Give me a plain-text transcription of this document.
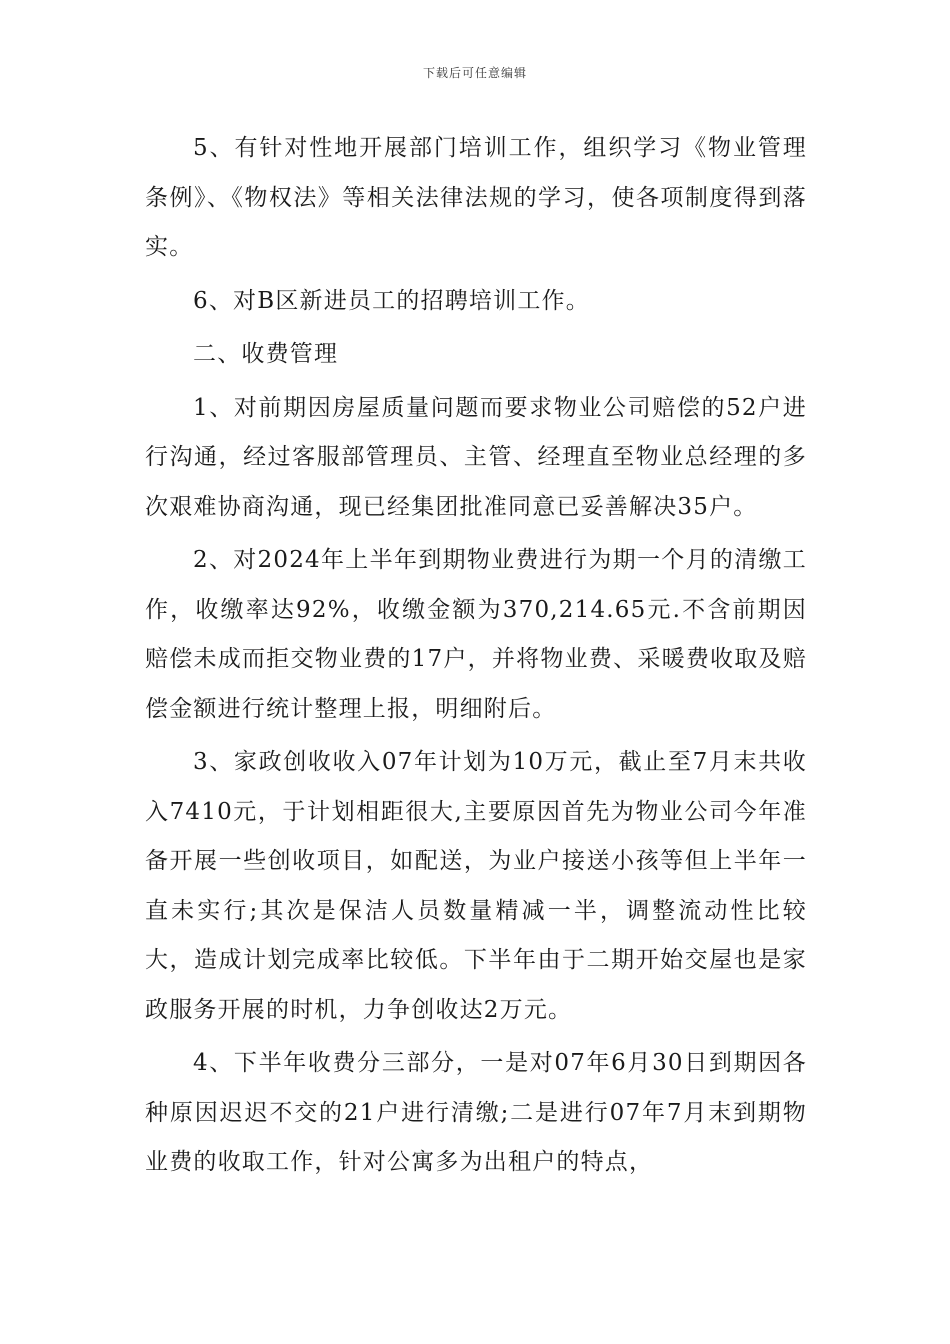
下载后可任意编辑

5、有针对性地开展部门培训工作，组织学习《物业管理条例》、《物权法》等相关法律法规的学习，使各项制度得到落实。

6、对B区新进员工的招聘培训工作。

二、收费管理

1、对前期因房屋质量问题而要求物业公司赔偿的52户进行沟通，经过客服部管理员、主管、经理直至物业总经理的多次艰难协商沟通，现已经集团批准同意已妥善解决35户。

2、对2024年上半年到期物业费进行为期一个月的清缴工作，收缴率达92%，收缴金额为370,214.65元.不含前期因赔偿未成而拒交物业费的17户，并将物业费、采暖费收取及赔偿金额进行统计整理上报，明细附后。

3、家政创收收入07年计划为10万元，截止至7月末共收入7410元，于计划相距很大,主要原因首先为物业公司今年准备开展一些创收项目，如配送，为业户接送小孩等但上半年一直未实行;其次是保洁人员数量精减一半，调整流动性比较大，造成计划完成率比较低。下半年由于二期开始交屋也是家政服务开展的时机，力争创收达2万元。

4、下半年收费分三部分，一是对07年6月30日到期因各种原因迟迟不交的21户进行清缴;二是进行07年7月末到期物业费的收取工作，针对公寓多为出租户的特点，
